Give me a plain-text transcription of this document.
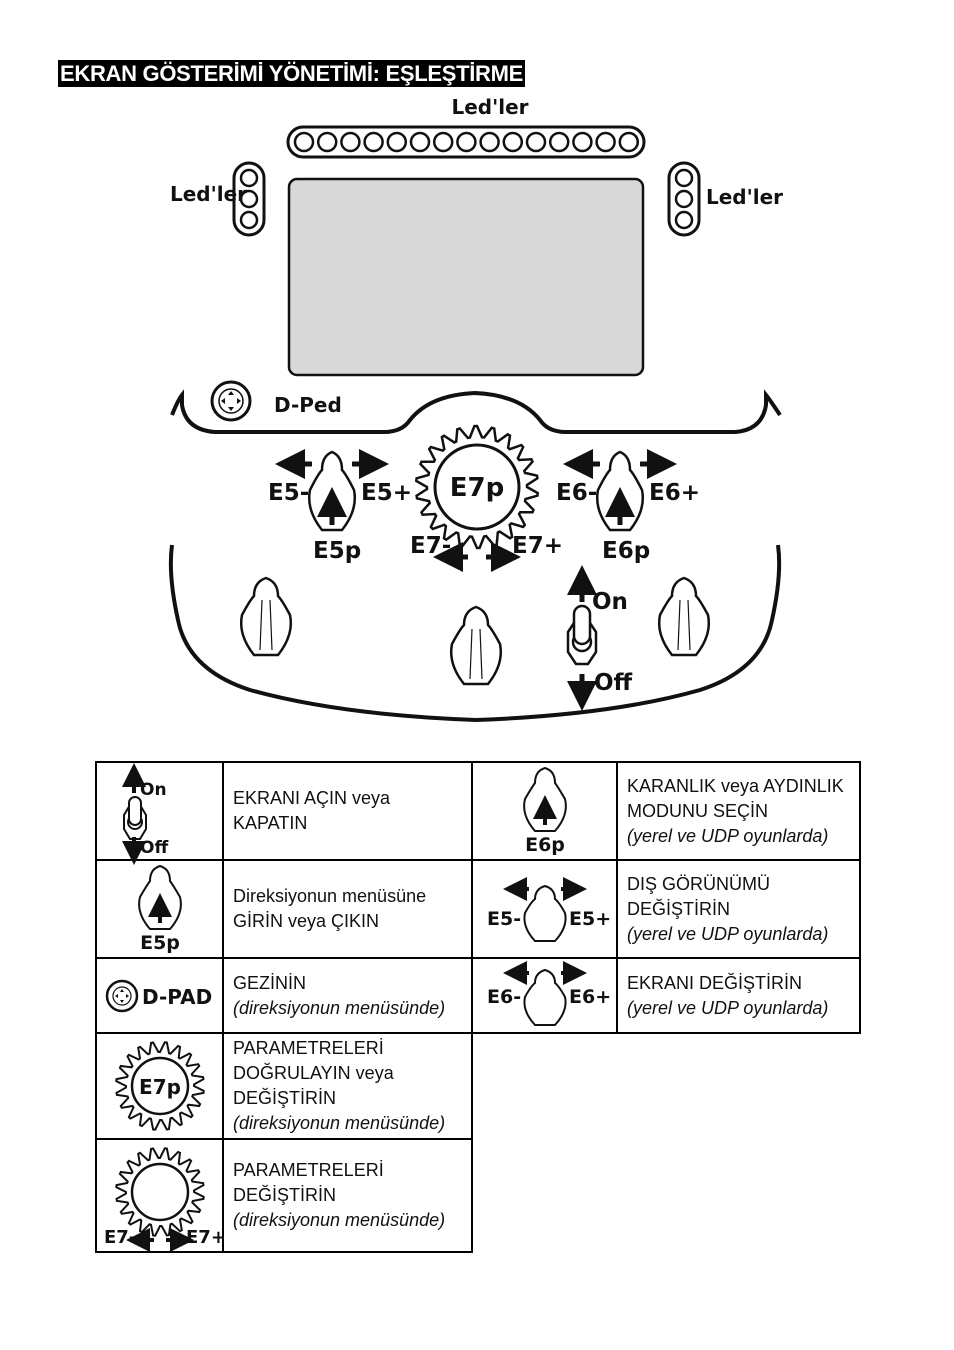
EKRAN GÖSTERİMİ YÖNETİMİ: EŞLEŞTİRME
Led'ler
Led'ler	Led'ler
D-Ped
E5- E5+
E5p
E7p
E7-	E7+
E6- E6+
E6p
On
Off
On
Off	EKRANI AÇIN veya
KAPATIN	E6p	KARANLIK veya AYDINLIK
MODUNU SEÇİN
(yerel ve UDP oyunlarda)

E5p	Direksiyonun menüsüne
GİRİN veya ÇIKIN	E5- E5+	DIŞ GÖRÜNÜMÜ
DEĞİŞTİRİN
(yerel ve UDP oyunlarda)

D-PAD	GEZİNİN
(direksiyonun menüsünde)	E6- E6+	EKRANI DEĞİŞTİRİN
(yerel ve UDP oyunlarda)

E7p	PARAMETRELERİ
DOĞRULAYIN veya
DEĞİŞTİRİN
(direksiyonun menüsünde)		

E7- E7+	PARAMETRELERİ
DEĞİŞTİRİN
(direksiyonun menüsünde)		
